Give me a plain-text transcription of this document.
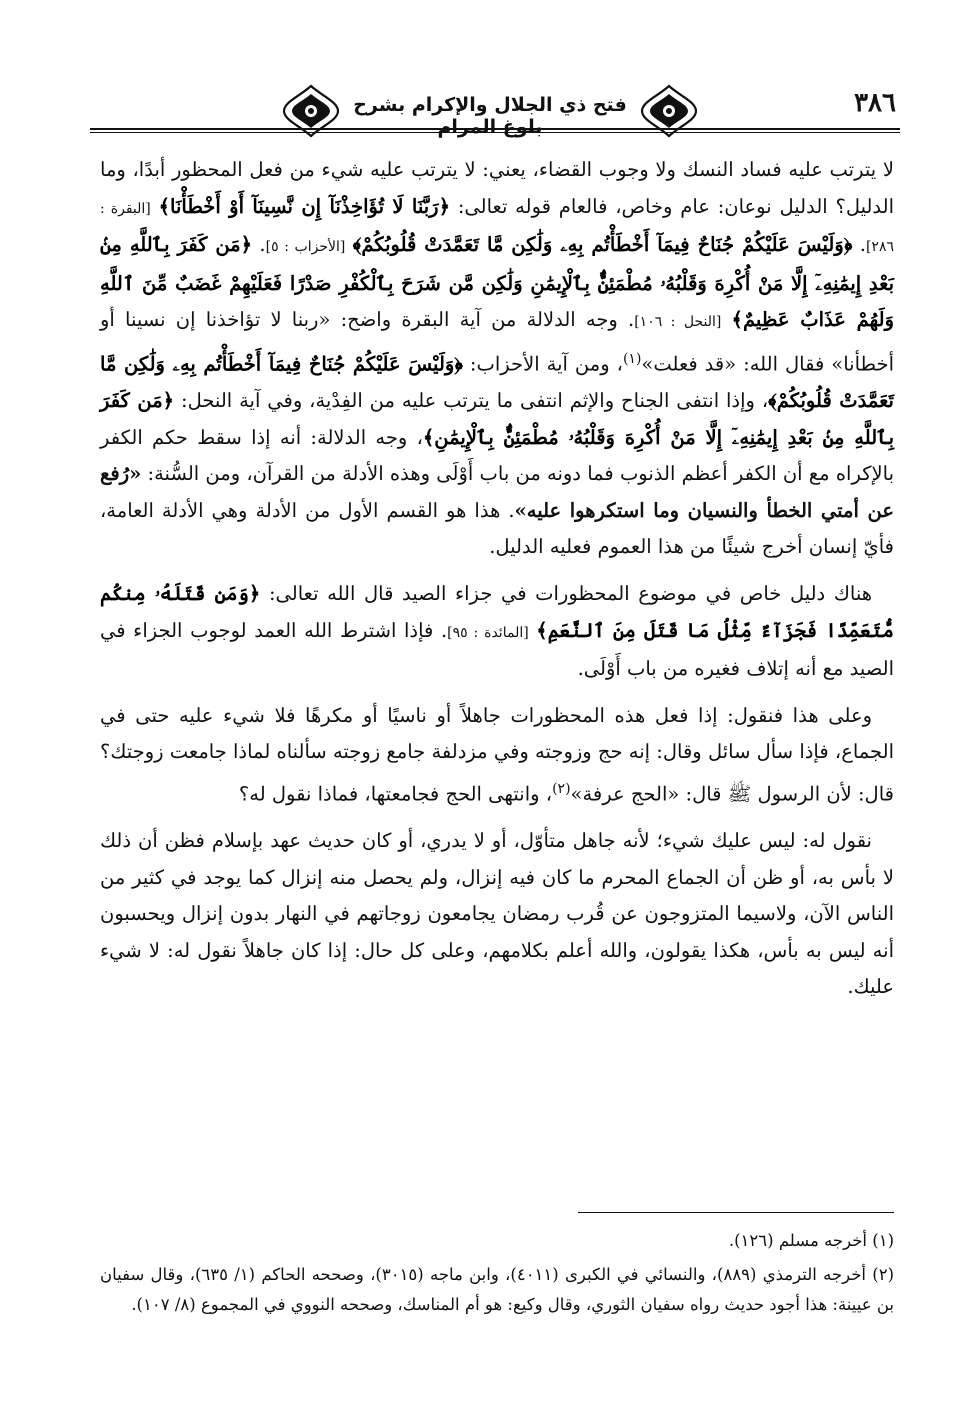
فتح ذي الجلال والإكرام بشرح بلوغ المرام
٣٨٦

لا يترتب عليه فساد النسك ولا وجوب القضاء، يعني: لا يترتب عليه شيء من فعل المحظور أبدًا، وما الدليل؟ الدليل نوعان: عام وخاص، فالعام قوله تعالى: ﴿رَبَّنَا لَا تُؤَاخِذْنَآ إِن نَّسِينَآ أَوْ أَخْطَأْنَا﴾ [البقرة : ٢٨٦]. ﴿وَلَيْسَ عَلَيْكُمْ جُنَاحٌ فِيمَآ أَخْطَأْتُم بِهِۦ وَلَٰكِن مَّا تَعَمَّدَتْ قُلُوبُكُمْ﴾ [الأحزاب : ٥]. ﴿مَن كَفَرَ بِٱللَّهِ مِنۢ بَعْدِ إِيمَٰنِهِۦٓ إِلَّا مَنْ أُكْرِهَ وَقَلْبُهُۥ مُطْمَئِنٌّۢ بِٱلْإِيمَٰنِ وَلَٰكِن مَّن شَرَحَ بِٱلْكُفْرِ صَدْرًا فَعَلَيْهِمْ غَضَبٌ مِّنَ ٱللَّهِ وَلَهُمْ عَذَابٌ عَظِيمٌ﴾ [النحل : ١٠٦]. وجه الدلالة من آية البقرة واضح: «ربنا لا تؤاخذنا إن نسينا أو أخطأنا» فقال الله: «قد فعلت»$^{(١)}$، ومن آية الأحزاب: ﴿وَلَيْسَ عَلَيْكُمْ جُنَاحٌ فِيمَآ أَخْطَأْتُم بِهِۦ وَلَٰكِن مَّا تَعَمَّدَتْ قُلُوبُكُمْ﴾، وإذا انتفى الجناح والإثم انتفى ما يترتب عليه من الفِدْية، وفي آية النحل: ﴿مَن كَفَرَ بِٱللَّهِ مِنۢ بَعْدِ إِيمَٰنِهِۦٓ إِلَّا مَنْ أُكْرِهَ وَقَلْبُهُۥ مُطْمَئِنٌّۢ بِٱلْإِيمَٰنِ﴾، وجه الدلالة: أنه إذا سقط حكم الكفر بالإكراه مع أن الكفر أعظم الذنوب فما دونه من باب أَوْلَى وهذه الأدلة من القرآن، ومن السُّنة: «رُفع عن أمتي الخطأ والنسيان وما استكرهوا عليه». هذا هو القسم الأول من الأدلة وهي الأدلة العامة، فأيّ إنسان أخرج شيئًا من هذا العموم فعليه الدليل.

هناك دليل خاص في موضوع المحظورات في جزاء الصيد قال الله تعالى: ﴿وَمَن قَتَلَهُۥ مِنكُم مُّتَعَمِّدًا فَجَزَآءٌ مِّثْلُ مَا قَتَلَ مِنَ ٱلنَّعَمِ﴾ [المائدة : ٩٥]. فإذا اشترط الله العمد لوجوب الجزاء في الصيد مع أنه إتلاف فغيره من باب أَوْلَى.

وعلى هذا فنقول: إذا فعل هذه المحظورات جاهلاً أو ناسيًا أو مكرهًا فلا شيء عليه حتى في الجماع، فإذا سأل سائل وقال: إنه حج وزوجته وفي مزدلفة جامع زوجته سألناه لماذا جامعت زوجتك؟ قال: لأن الرسول ﷺ قال: «الحج عرفة»$^{(٢)}$، وانتهى الحج فجامعتها، فماذا نقول له؟

نقول له: ليس عليك شيء؛ لأنه جاهل متأوّل، أو لا يدري، أو كان حديث عهد بإسلام فظن أن ذلك لا بأس به، أو ظن أن الجماع المحرم ما كان فيه إنزال، ولم يحصل منه إنزال كما يوجد في كثير من الناس الآن، ولاسيما المتزوجون عن قُرب رمضان يجامعون زوجاتهم في النهار بدون إنزال ويحسبون أنه ليس به بأس، هكذا يقولون، والله أعلم بكلامهم، وعلى كل حال: إذا كان جاهلاً نقول له: لا شيء عليك.

(١) أخرجه مسلم (١٢٦).

(٢) أخرجه الترمذي (٨٨٩)، والنسائي في الكبرى (٤٠١١)، وابن ماجه (٣٠١٥)، وصححه الحاكم (١/ ٦٣٥)، وقال سفيان بن عيينة: هذا أجود حديث رواه سفيان الثوري، وقال وكيع: هو أم المناسك، وصححه النووي في المجموع (٨/ ١٠٧).
